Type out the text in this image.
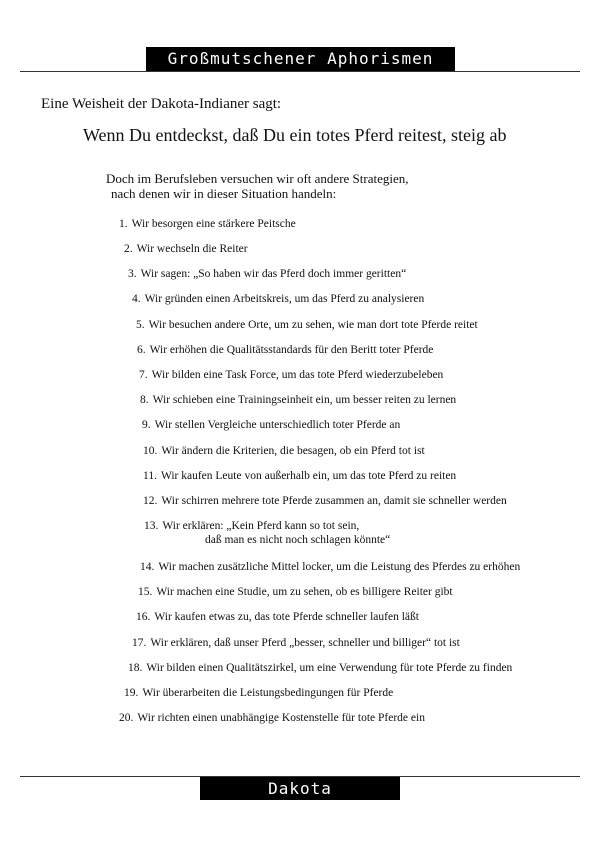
Großmutschener Aphorismen
Eine Weisheit der Dakota-Indianer sagt:
Wenn Du entdeckst, daß Du ein totes Pferd reitest, steig ab
Doch im Berufsleben versuchen wir oft andere Strategien,
nach denen wir in dieser Situation handeln:
1. Wir besorgen eine stärkere Peitsche
2. Wir wechseln die Reiter
3. Wir sagen: „So haben wir das Pferd doch immer geritten“
4. Wir gründen einen Arbeitskreis, um das Pferd zu analysieren
5. Wir besuchen andere Orte, um zu sehen, wie man dort tote Pferde reitet
6. Wir erhöhen die Qualitätsstandards für den Beritt toter Pferde
7. Wir bilden eine Task Force, um das tote Pferd wiederzubeleben
8. Wir schieben eine Trainingseinheit ein, um besser reiten zu lernen
9. Wir stellen Vergleiche unterschiedlich toter Pferde an
10. Wir ändern die Kriterien, die besagen, ob ein Pferd tot ist
11. Wir kaufen Leute von außerhalb ein, um das tote Pferd zu reiten
12. Wir schirren mehrere tote Pferde zusammen an, damit sie schneller werden
13. Wir erklären: „Kein Pferd kann so tot sein,
daß man es nicht noch schlagen könnte“
14. Wir machen zusätzliche Mittel locker, um die Leistung des Pferdes zu erhöhen
15. Wir machen eine Studie, um zu sehen, ob es billigere Reiter gibt
16. Wir kaufen etwas zu, das tote Pferde schneller laufen läßt
17. Wir erklären, daß unser Pferd „besser, schneller und billiger“ tot ist
18. Wir bilden einen Qualitätszirkel, um eine Verwendung für tote Pferde zu finden
19. Wir überarbeiten die Leistungsbedingungen für Pferde
20. Wir richten einen unabhängige Kostenstelle für tote Pferde ein
Dakota
